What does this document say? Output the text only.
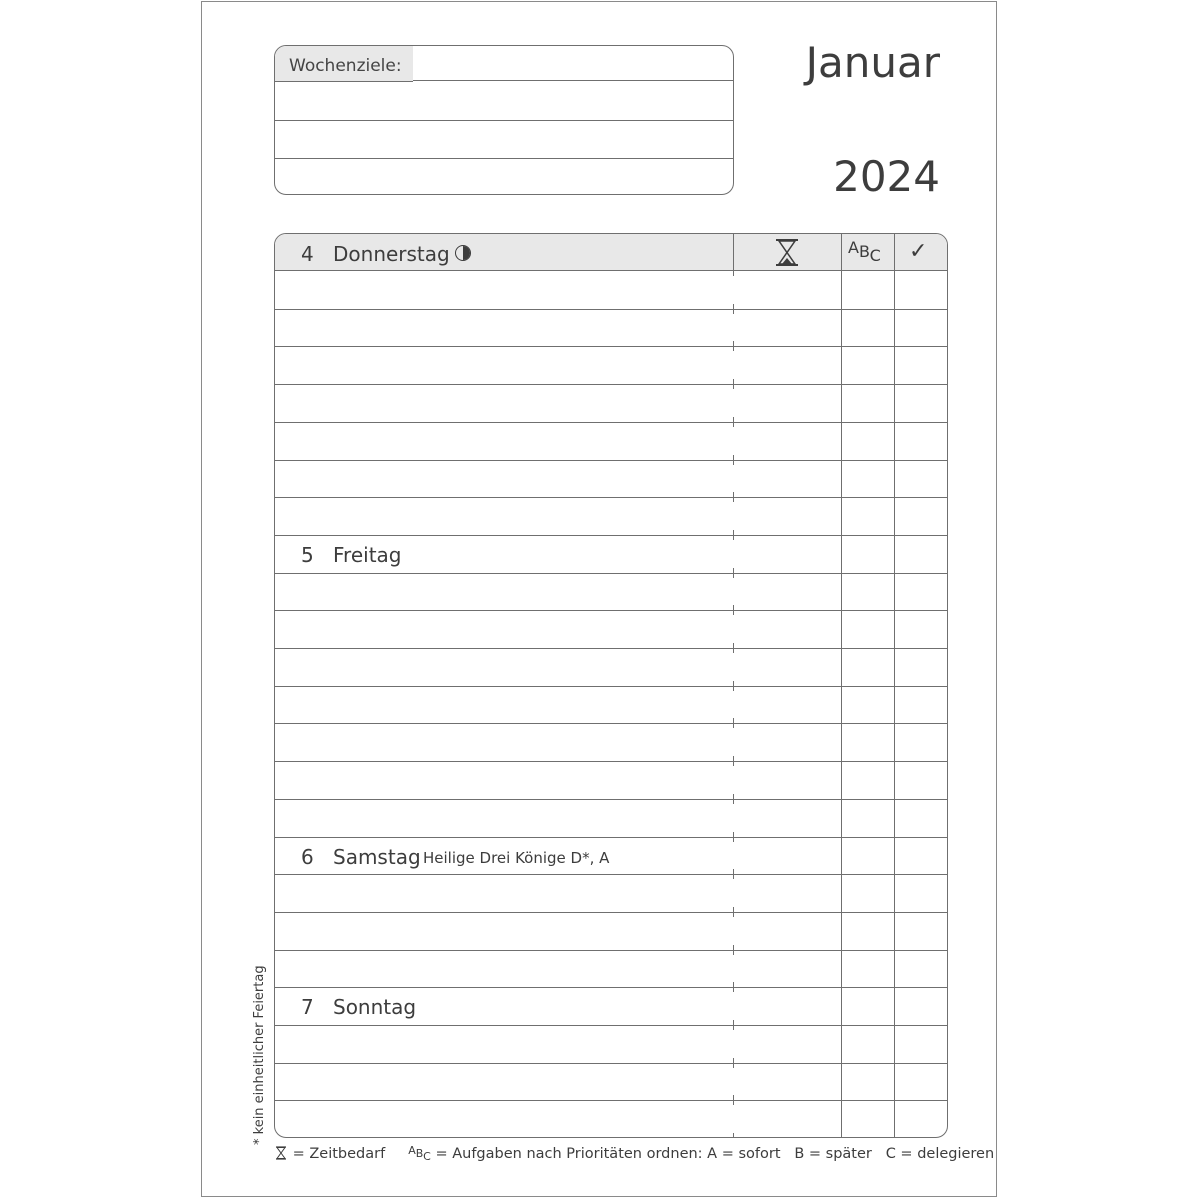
Wochenziele:	Januar
2024
4 Donnerstag	ABC ✓
5 Freitag
6 Samstag Heilige Drei Könige D*, A
7 Sonntag
= Zeitbedarf ABC = Aufgaben nach Prioritäten ordnen: A = sofort   B = später   C = delegieren
* kein einheitlicher Feiertag
